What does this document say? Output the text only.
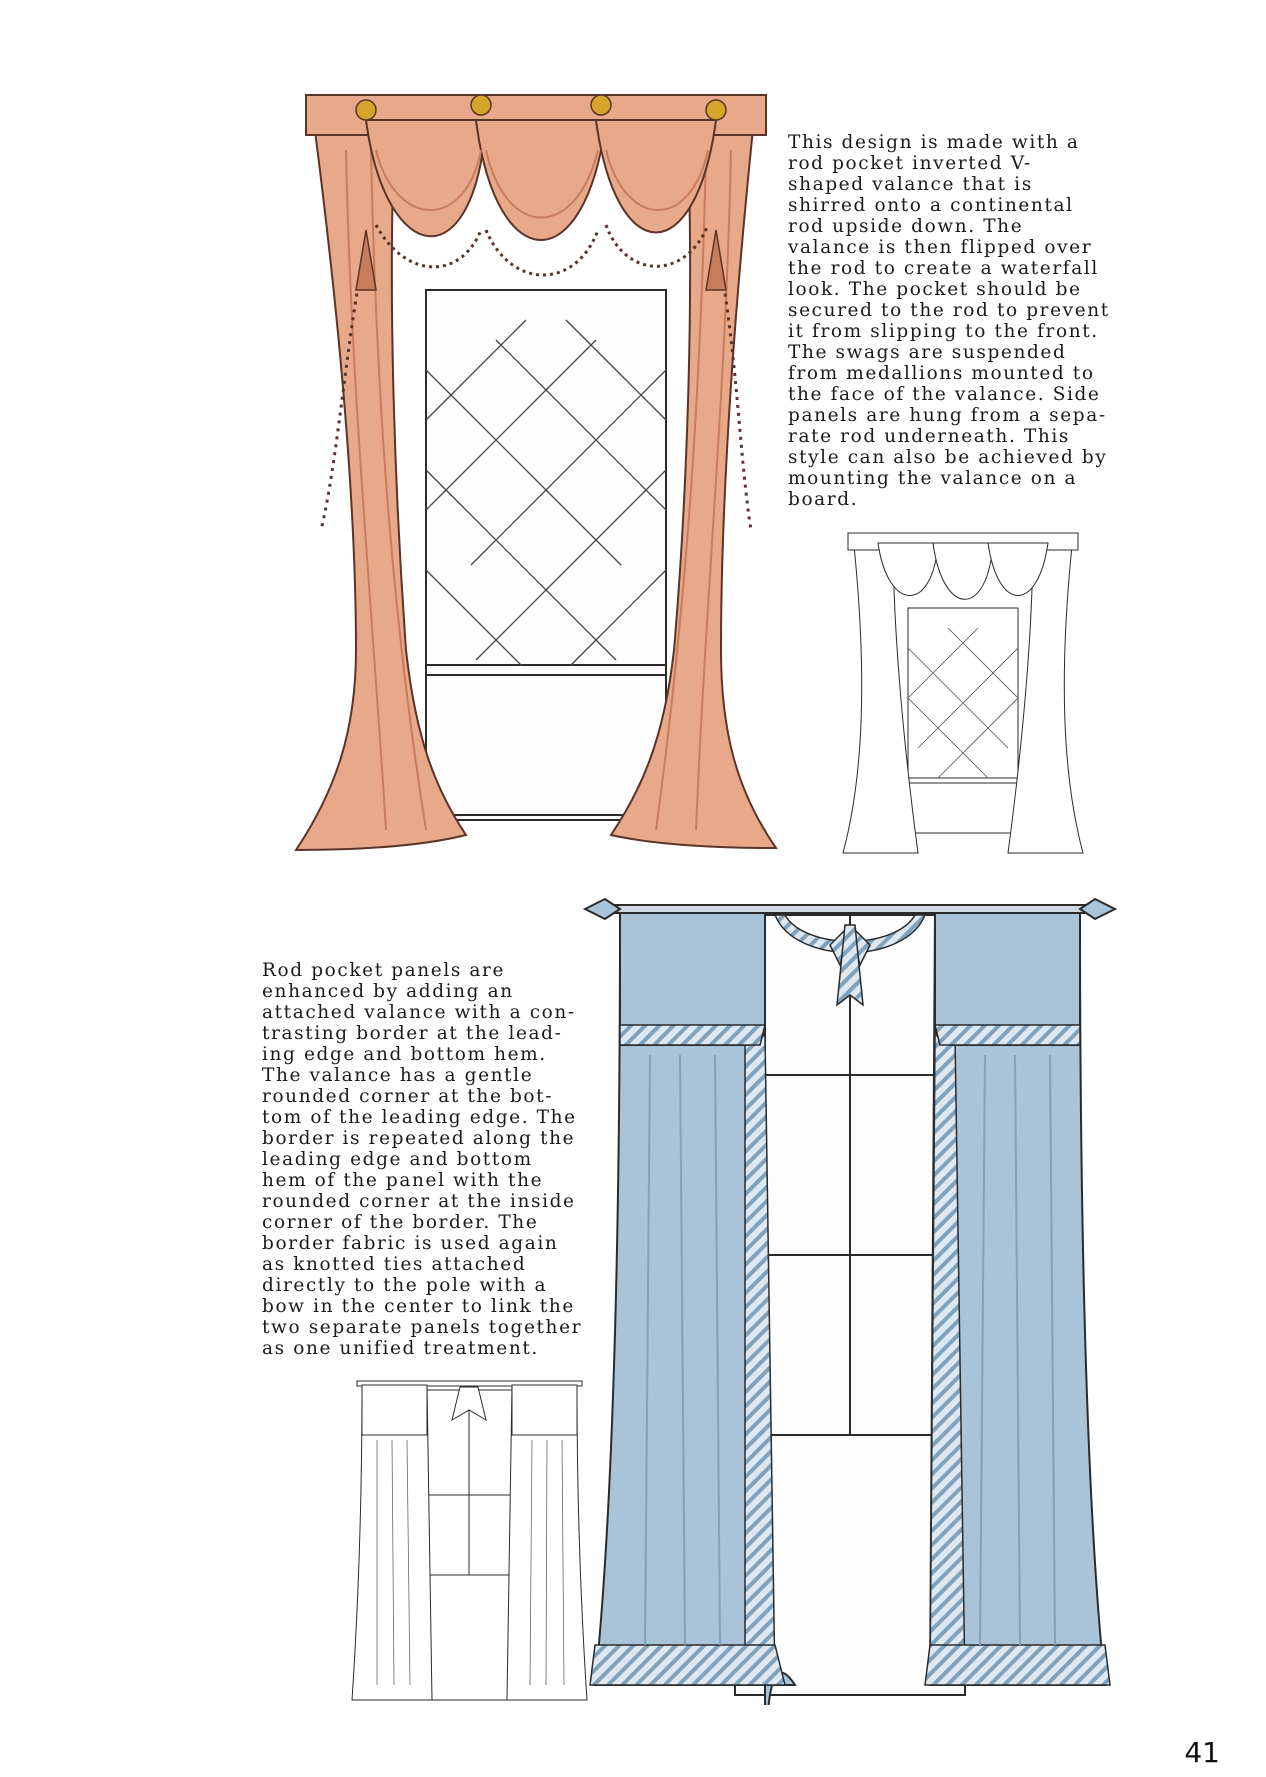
This design is made with a
rod pocket inverted V-
shaped valance that is
shirred onto a continental
rod upside down. The
valance is then flipped over
the rod to create a waterfall
look. The pocket should be
secured to the rod to prevent
it from slipping to the front.
The swags are suspended
from medallions mounted to
the face of the valance. Side
panels are hung from a sepa-
rate rod underneath. This
style can also be achieved by
mounting the valance on a
board.
Rod pocket panels are
enhanced by adding an
attached valance with a con-
trasting border at the lead-
ing edge and bottom hem.
The valance has a gentle
rounded corner at the bot-
tom of the leading edge. The
border is repeated along the
leading edge and bottom
hem of the panel with the
rounded corner at the inside
corner of the border. The
border fabric is used again
as knotted ties attached
directly to the pole with a
bow in the center to link the
two separate panels together
as one unified treatment.
41
